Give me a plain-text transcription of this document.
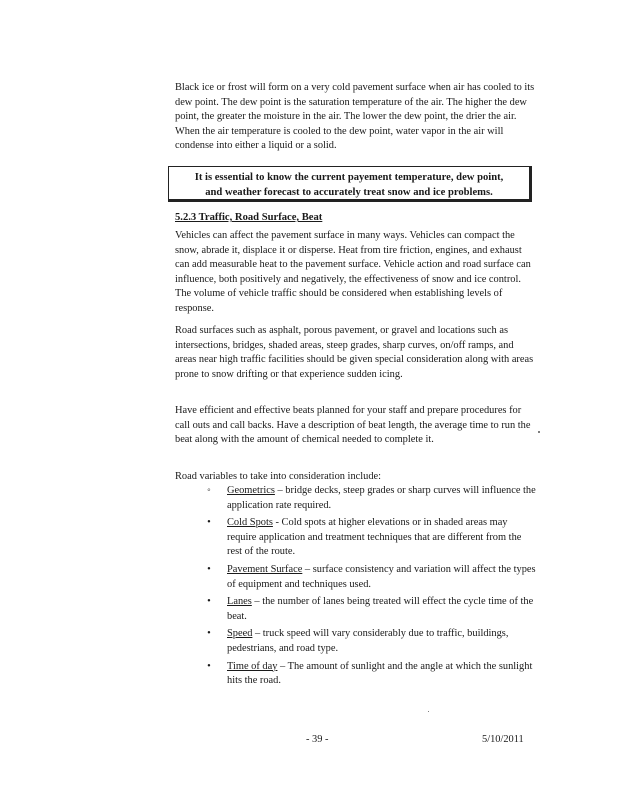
Black ice or frost will form on a very cold pavement surface when air has cooled to its dew point. The dew point is the saturation temperature of the air. The higher the dew point, the greater the moisture in the air. The lower the dew point, the drier the air. When the air temperature is cooled to the dew point, water vapor in the air will condense into either a liquid or a solid.

It is essential to know the current payement temperature, dew point,
and weather forecast to accurately treat snow and ice problems.
5.2.3 Traffic, Road Surface, Beat

Vehicles can affect the pavement surface in many ways. Vehicles can compact the snow, abrade it, displace it or disperse. Heat from tire friction, engines, and exhaust can add measurable heat to the pavement surface. Vehicle action and road surface can influence, both positively and negatively, the effectiveness of snow and ice control. The volume of vehicle traffic should be considered when establishing levels of response.

Road surfaces such as asphalt, porous pavement, or gravel and locations such as intersections, bridges, shaded areas, steep grades, sharp curves, on/off ramps, and areas near high traffic facilities should be given special consideration along with areas prone to snow drifting or that experience sudden icing.

Have efficient and effective beats planned for your staff and prepare procedures for call outs and call backs. Have a description of beat length, the average time to run the beat along with the amount of chemical needed to complete it.

Road variables to take into consideration include:

◦	Geometrics – bridge decks, steep grades or sharp curves will influence the application rate required.
•	Cold Spots - Cold spots at higher elevations or in shaded areas may require application and treatment techniques that are different from the rest of the route.
•	Pavement Surface – surface consistency and variation will affect the types of equipment and techniques used.
•	Lanes – the number of lanes being treated will effect the cycle time of the beat.
•	Speed – truck speed will vary considerably due to traffic, buildings, pedestrians, and road type.
•	Time of day – The amount of sunlight and the angle at which the sunlight hits the road.
- 39 -	5/10/2011
